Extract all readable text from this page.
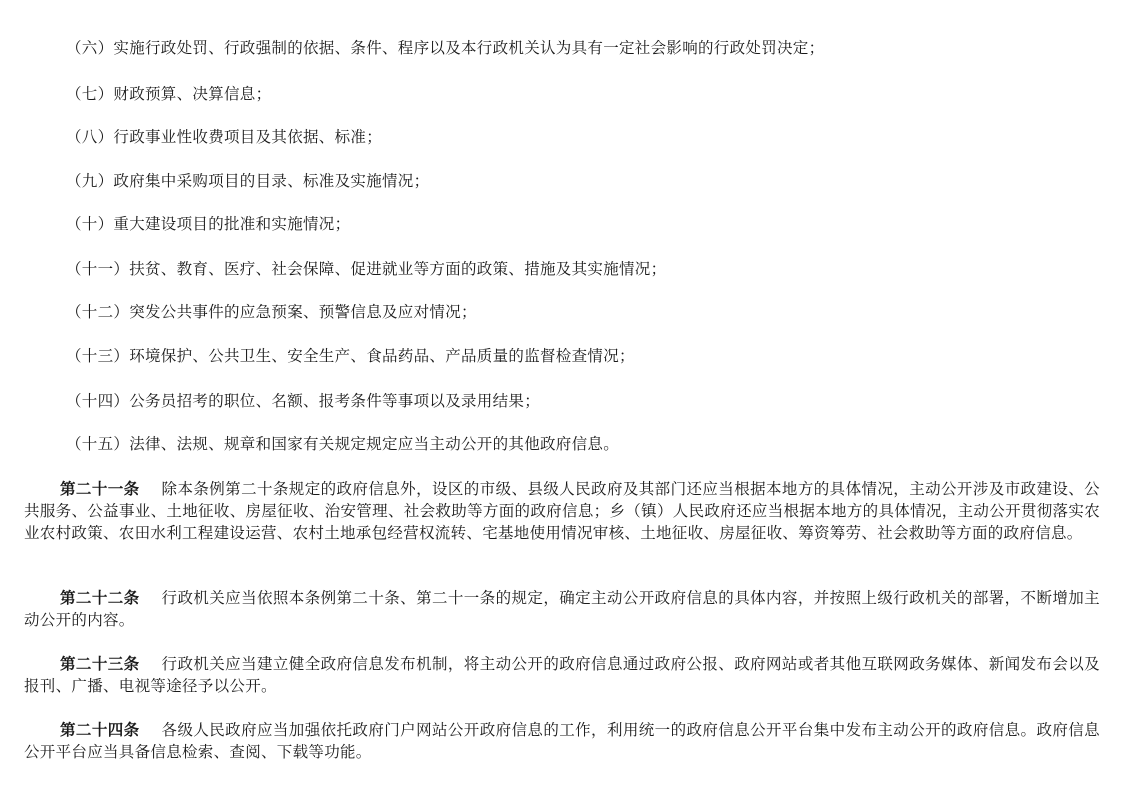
（六）实施行政处罚、行政强制的依据、条件、程序以及本行政机关认为具有一定社会影响的行政处罚决定；
（七）财政预算、决算信息；
（八）行政事业性收费项目及其依据、标准；
（九）政府集中采购项目的目录、标准及实施情况；
（十）重大建设项目的批准和实施情况；
（十一）扶贫、教育、医疗、社会保障、促进就业等方面的政策、措施及其实施情况；
（十二）突发公共事件的应急预案、预警信息及应对情况；
（十三）环境保护、公共卫生、安全生产、食品药品、产品质量的监督检查情况；
（十四）公务员招考的职位、名额、报考条件等事项以及录用结果；
（十五）法律、法规、规章和国家有关规定规定应当主动公开的其他政府信息。
第二十一条 除本条例第二十条规定的政府信息外，设区的市级、县级人民政府及其部门还应当根据本地方的具体情况，主动公开涉及市政建设、公共服务、公益事业、土地征收、房屋征收、治安管理、社会救助等方面的政府信息；乡（镇）人民政府还应当根据本地方的具体情况，主动公开贯彻落实农业农村政策、农田水利工程建设运营、农村土地承包经营权流转、宅基地使用情况审核、土地征收、房屋征收、筹资筹劳、社会救助等方面的政府信息。
第二十二条 行政机关应当依照本条例第二十条、第二十一条的规定，确定主动公开政府信息的具体内容，并按照上级行政机关的部署，不断增加主动公开的内容。
第二十三条 行政机关应当建立健全政府信息发布机制，将主动公开的政府信息通过政府公报、政府网站或者其他互联网政务媒体、新闻发布会以及报刊、广播、电视等途径予以公开。
第二十四条 各级人民政府应当加强依托政府门户网站公开政府信息的工作，利用统一的政府信息公开平台集中发布主动公开的政府信息。政府信息公开平台应当具备信息检索、查阅、下载等功能。
